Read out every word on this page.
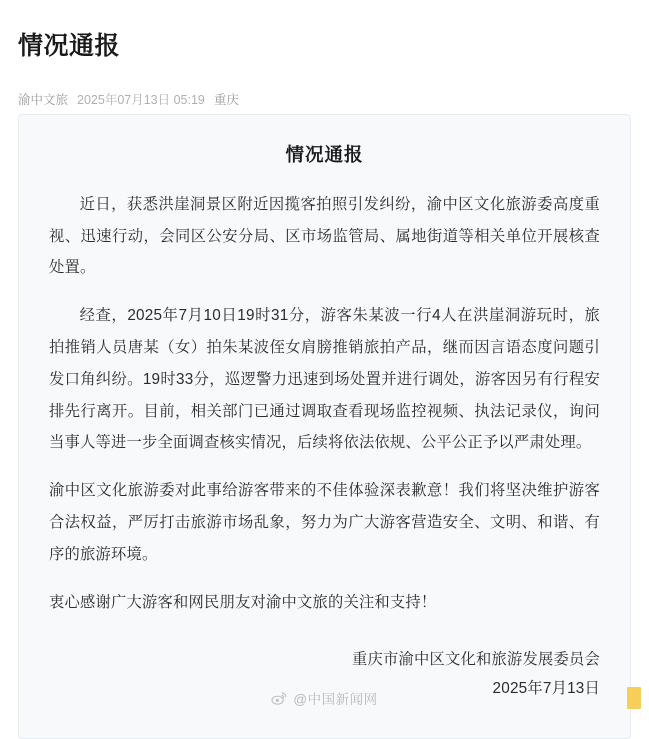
情况通报
渝中文旅 2025年07月13日 05:19 重庆
情况通报

近日，获悉洪崖洞景区附近因揽客拍照引发纠纷，渝中区文化旅游委高度重视、迅速行动，会同区公安分局、区市场监管局、属地街道等相关单位开展核查处置。

经查，2025年7月10日19时31分，游客朱某波一行4人在洪崖洞游玩时，旅拍推销人员唐某（女）拍朱某波侄女肩膀推销旅拍产品，继而因言语态度问题引发口角纠纷。19时33分，巡逻警力迅速到场处置并进行调处，游客因另有行程安排先行离开。目前，相关部门已通过调取查看现场监控视频、执法记录仪，询问当事人等进一步全面调查核实情况，后续将依法依规、公平公正予以严肃处理。

渝中区文化旅游委对此事给游客带来的不佳体验深表歉意！我们将坚决维护游客合法权益，严厉打击旅游市场乱象，努力为广大游客营造安全、文明、和谐、有序的旅游环境。

衷心感谢广大游客和网民朋友对渝中文旅的关注和支持！

重庆市渝中区文化和旅游发展委员会
2025年7月13日
@中国新闻网
